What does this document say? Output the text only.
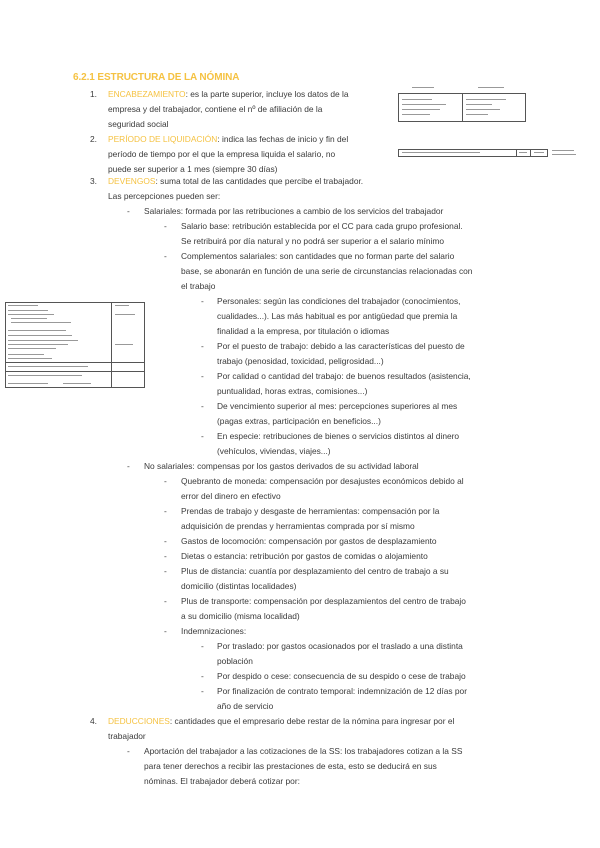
6.2.1 ESTRUCTURA DE LA NÓMINA
1. ENCABEZAMIENTO: es la parte superior, incluye los datos de la
empresa y del trabajador, contiene el nº de afiliación de la
seguridad social
2. PERÍODO DE LIQUIDACIÓN: indica las fechas de inicio y fin del
período de tiempo por el que la empresa liquida el salario, no
puede ser superior a 1 mes (siempre 30 días)
3. DEVENGOS: suma total de las cantidades que percibe el trabajador.
Las percepciones pueden ser:
- Salariales: formada por las retribuciones a cambio de los servicios del trabajador
- Salario base: retribución establecida por el CC para cada grupo profesional.
Se retribuirá por día natural y no podrá ser superior a el salario mínimo
- Complementos salariales: son cantidades que no forman parte del salario
base, se abonarán en función de una serie de circunstancias relacionadas con
el trabajo
- Personales: según las condiciones del trabajador (conocimientos,
cualidades...). Las más habitual es por antigüedad que premia la
finalidad a la empresa, por titulación o idiomas
- Por el puesto de trabajo: debido a las características del puesto de
trabajo (penosidad, toxicidad, peligrosidad...)
- Por calidad o cantidad del trabajo: de buenos resultados (asistencia,
puntualidad, horas extras, comisiones...)
- De vencimiento superior al mes: percepciones superiores al mes
(pagas extras, participación en beneficios...)
- En especie: retribuciones de bienes o servicios distintos al dinero
(vehículos, viviendas, viajes...)
- No salariales: compensas por los gastos derivados de su actividad laboral
- Quebranto de moneda: compensación por desajustes económicos debido al
error del dinero en efectivo
- Prendas de trabajo y desgaste de herramientas: compensación por la
adquisición de prendas y herramientas comprada por sí mismo
- Gastos de locomoción: compensación por gastos de desplazamiento
- Dietas o estancia: retribución por gastos de comidas o alojamiento
- Plus de distancia: cuantía por desplazamiento del centro de trabajo a su
domicilio (distintas localidades)
- Plus de transporte: compensación por desplazamientos del centro de trabajo
a su domicilio (misma localidad)
- Indemnizaciones:
- Por traslado: por gastos ocasionados por el traslado a una distinta
población
- Por despido o cese: consecuencia de su despido o cese de trabajo
- Por finalización de contrato temporal: indemnización de 12 días por
año de servicio
4. DEDUCCIONES: cantidades que el empresario debe restar de la nómina para ingresar por el
trabajador
- Aportación del trabajador a las cotizaciones de la SS: los trabajadores cotizan a la SS
para tener derechos a recibir las prestaciones de esta, esto se deducirá en sus
nóminas. El trabajador deberá cotizar por:
